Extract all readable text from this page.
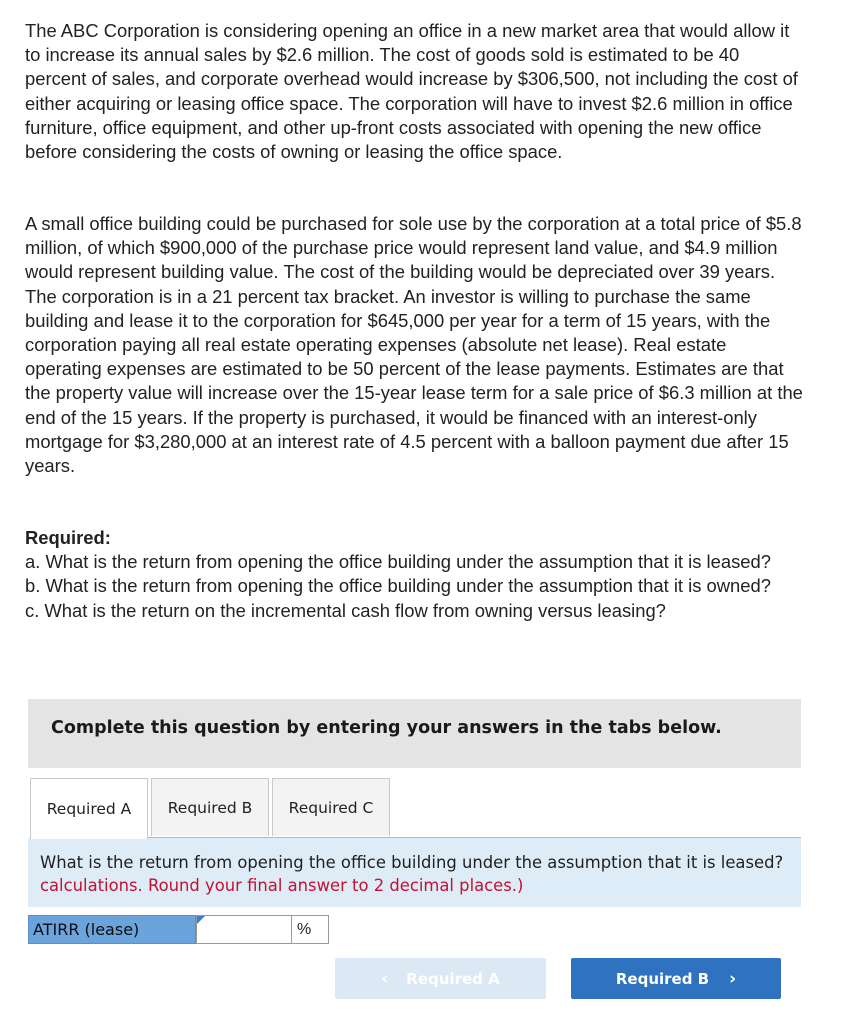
The ABC Corporation is considering opening an office in a new market area that would allow it to increase its annual sales by $2.6 million. The cost of goods sold is estimated to be 40 percent of sales, and corporate overhead would increase by $306,500, not including the cost of either acquiring or leasing office space. The corporation will have to invest $2.6 million in office furniture, office equipment, and other up-front costs associated with opening the new office before considering the costs of owning or leasing the office space.

A small office building could be purchased for sole use by the corporation at a total price of $5.8 million, of which $900,000 of the purchase price would represent land value, and $4.9 million would represent building value. The cost of the building would be depreciated over 39 years. The corporation is in a 21 percent tax bracket. An investor is willing to purchase the same building and lease it to the corporation for $645,000 per year for a term of 15 years, with the corporation paying all real estate operating expenses (absolute net lease). Real estate operating expenses are estimated to be 50 percent of the lease payments. Estimates are that the property value will increase over the 15-year lease term for a sale price of $6.3 million at the end of the 15 years. If the property is purchased, it would be financed with an interest-only mortgage for $3,280,000 at an interest rate of 4.5 percent with a balloon payment due after 15 years.

Required:

a. What is the return from opening the office building under the assumption that it is leased?

b. What is the return from opening the office building under the assumption that it is owned?

c. What is the return on the incremental cash flow from owning versus leasing?

Complete this question by entering your answers in the tabs below.
Required A	Required B	Required C
What is the return from opening the office building under the assumption that it is leased?
calculations. Round your final answer to 2 decimal places.)
ATIRR (lease)	%
‹ Required A	Required B ›
